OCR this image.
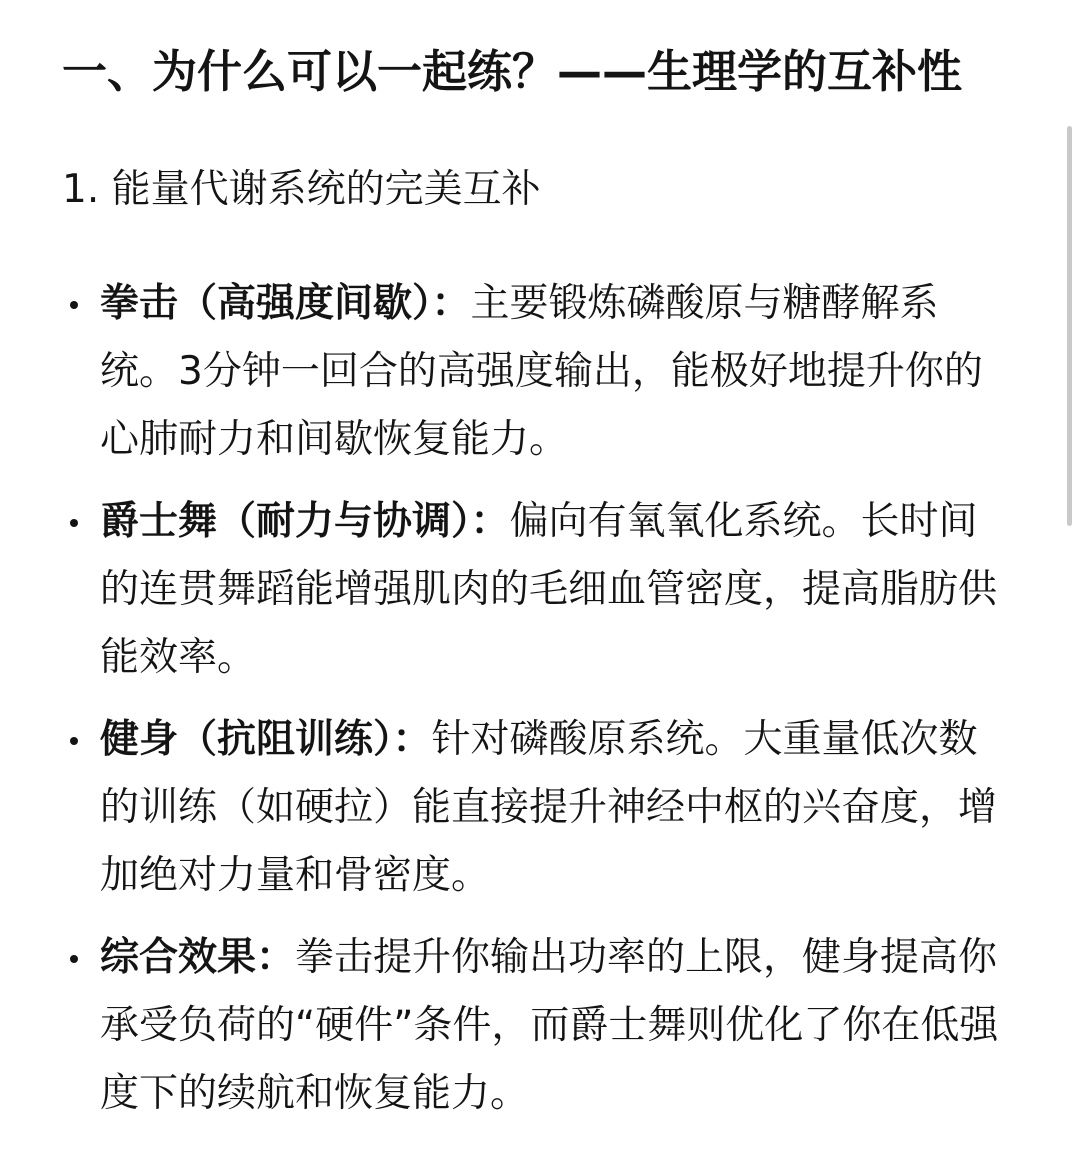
一、为什么可以一起练？——生理学的互补性
1. 能量代谢系统的完美互补
拳击（高强度间歇）：主要锻炼磷酸原与糖酵解系统。3分钟一回合的高强度输出，能极好地提升你的心肺耐力和间歇恢复能力。
爵士舞（耐力与协调）：偏向有氧氧化系统。长时间的连贯舞蹈能增强肌肉的毛细血管密度，提高脂肪供能效率。
健身（抗阻训练）：针对磷酸原系统。大重量低次数的训练（如硬拉）能直接提升神经中枢的兴奋度，增加绝对力量和骨密度。
综合效果：拳击提升你输出功率的上限，健身提高你承受负荷的“硬件”条件，而爵士舞则优化了你在低强度下的续航和恢复能力。
